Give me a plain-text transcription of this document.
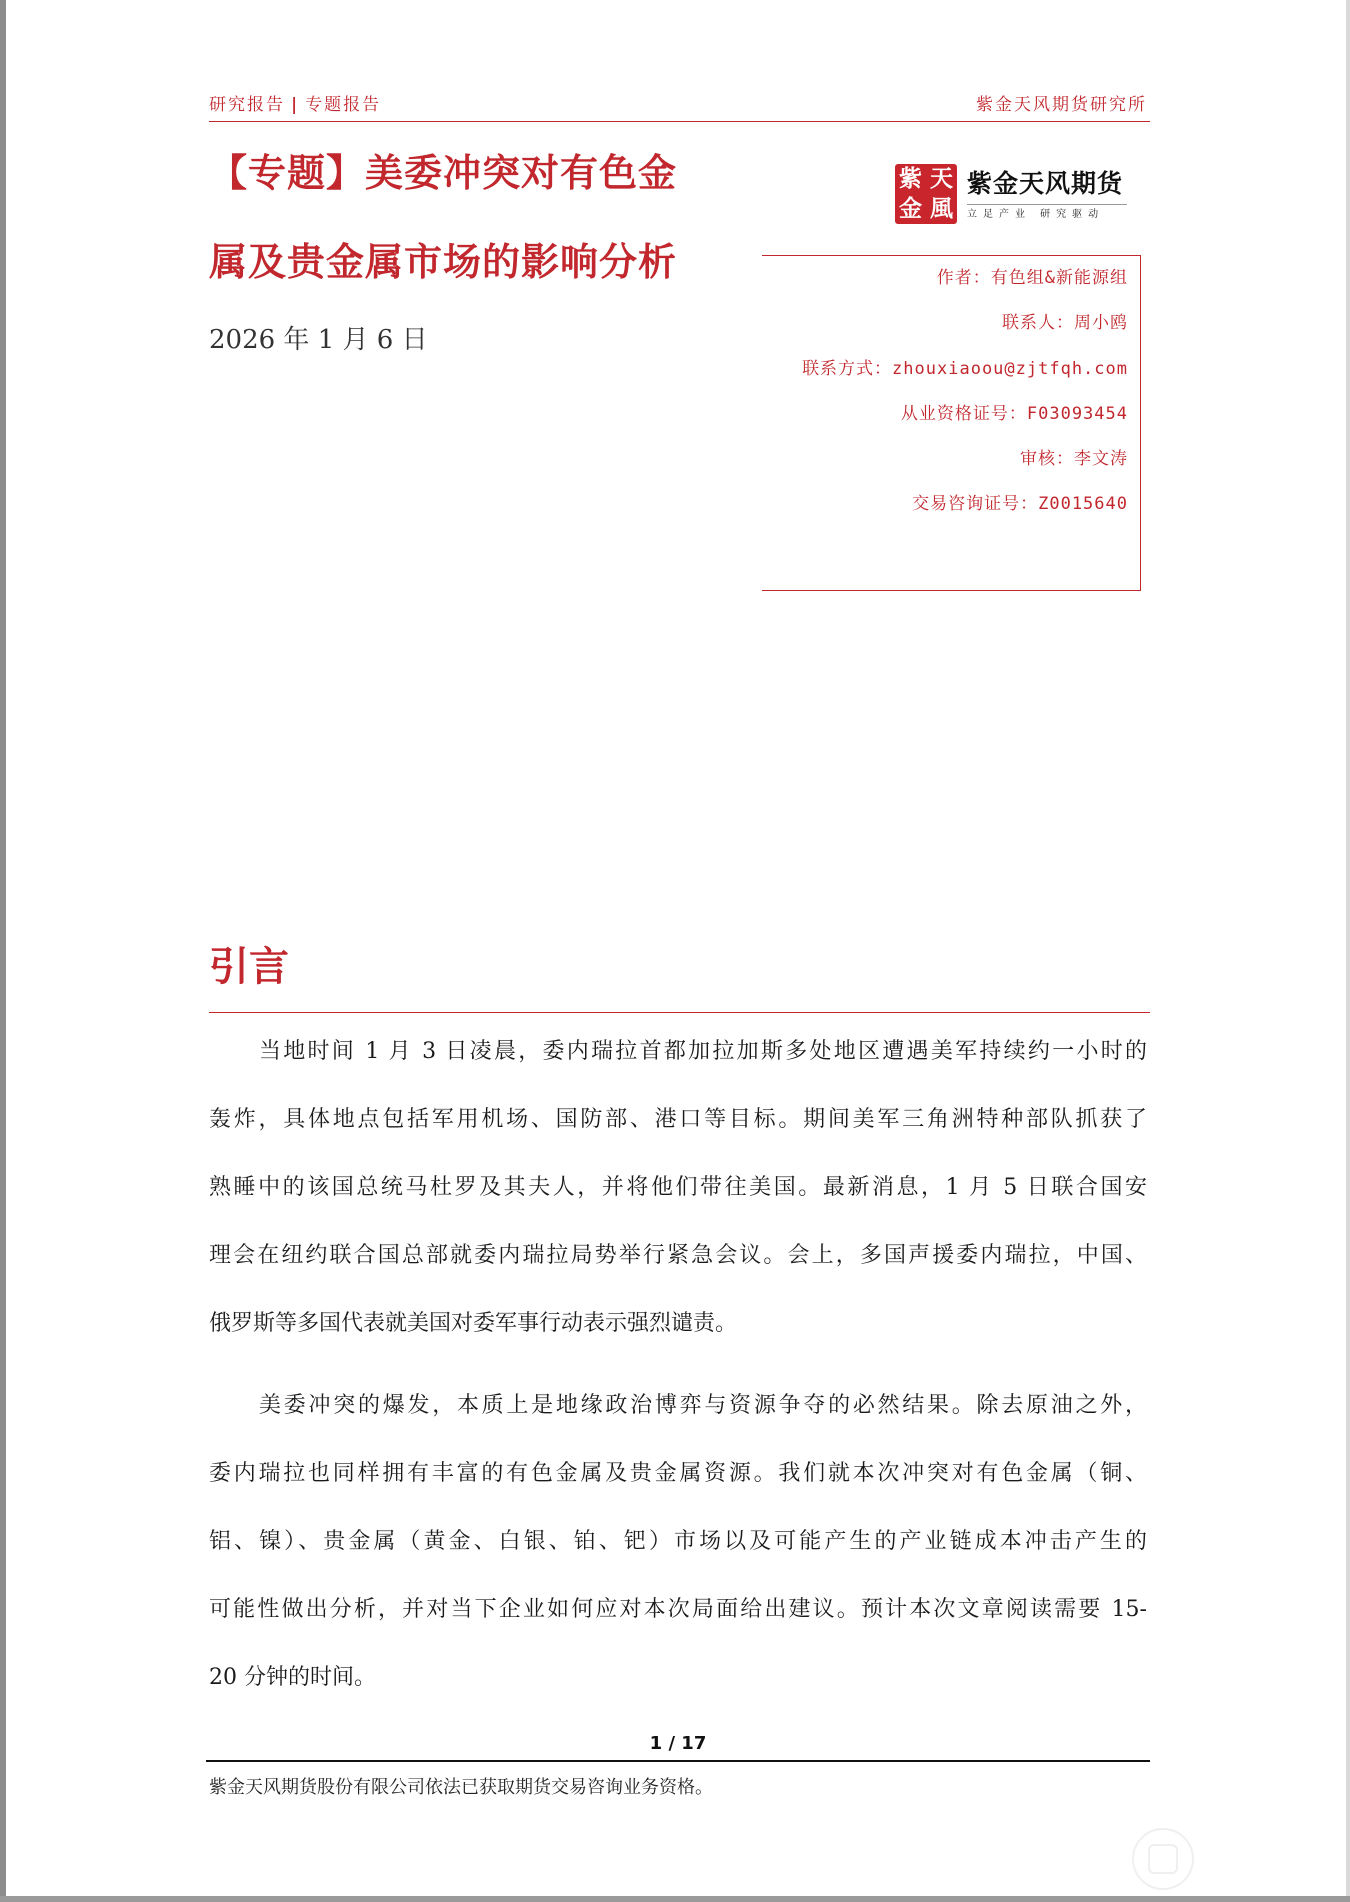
研究报告 | 专题报告	紫金天风期货研究所
【专题】美委冲突对有色金
属及贵金属市场的影响分析
2026 年 1 月 6 日
紫 天
金 風
紫金天风期货
立足产业 研究驱动
作者：有色组&新能源组
联系人：周小鸥
联系方式：zhouxiaoou@zjtfqh.com
从业资格证号：F03093454
审核：李文涛
交易咨询证号：Z0015640
引言
当地时间 1 月 3 日凌晨，委内瑞拉首都加拉加斯多处地区遭遇美军持续约一小时的
轰炸，具体地点包括军用机场、国防部、港口等目标。期间美军三角洲特种部队抓获了
熟睡中的该国总统马杜罗及其夫人，并将他们带往美国。最新消息，1 月 5 日联合国安
理会在纽约联合国总部就委内瑞拉局势举行紧急会议。会上，多国声援委内瑞拉，中国、
俄罗斯等多国代表就美国对委军事行动表示强烈谴责。
美委冲突的爆发，本质上是地缘政治博弈与资源争夺的必然结果。除去原油之外，
委内瑞拉也同样拥有丰富的有色金属及贵金属资源。我们就本次冲突对有色金属（铜、
铝、镍）、贵金属（黄金、白银、铂、钯）市场以及可能产生的产业链成本冲击产生的
可能性做出分析，并对当下企业如何应对本次局面给出建议。预计本次文章阅读需要 15-
20 分钟的时间。
1 / 17
紫金天风期货股份有限公司依法已获取期货交易咨询业务资格。
